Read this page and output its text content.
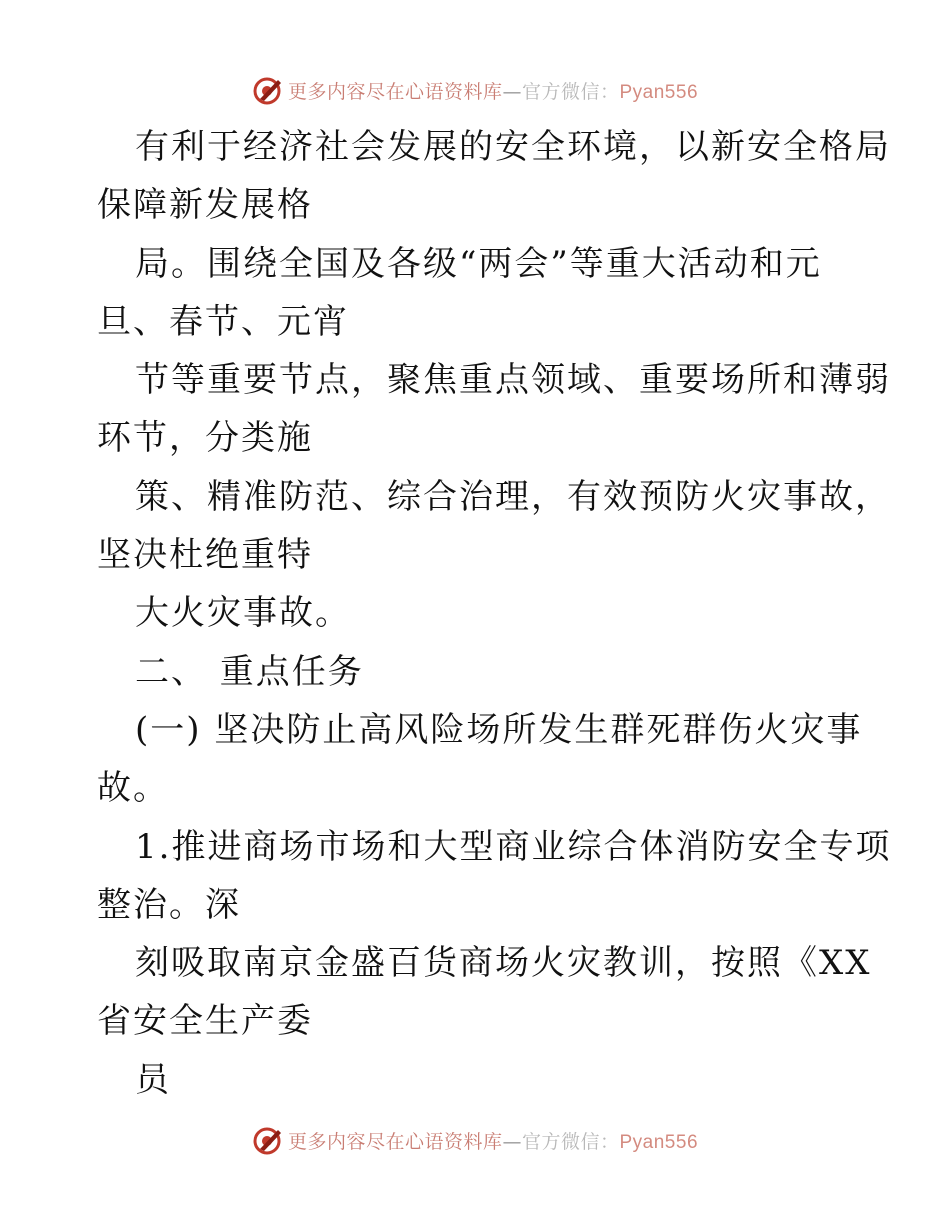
更多内容尽在心语资料库—官方微信：Pyan556
有利于经济社会发展的安全环境，以新安全格局
保障新发展格
局。围绕全国及各级“两会”等重大活动和元
旦、春节、元宵
节等重要节点，聚焦重点领域、重要场所和薄弱
环节，分类施
策、精准防范、综合治理，有效预防火灾事故，
坚决杜绝重特
大火灾事故。
二、 重点任务
(一) 坚决防止高风险场所发生群死群伤火灾事
故。
1.推进商场市场和大型商业综合体消防安全专项
整治。深
刻吸取南京金盛百货商场火灾教训，按照《XX
省安全生产委
员
更多内容尽在心语资料库—官方微信：Pyan556
